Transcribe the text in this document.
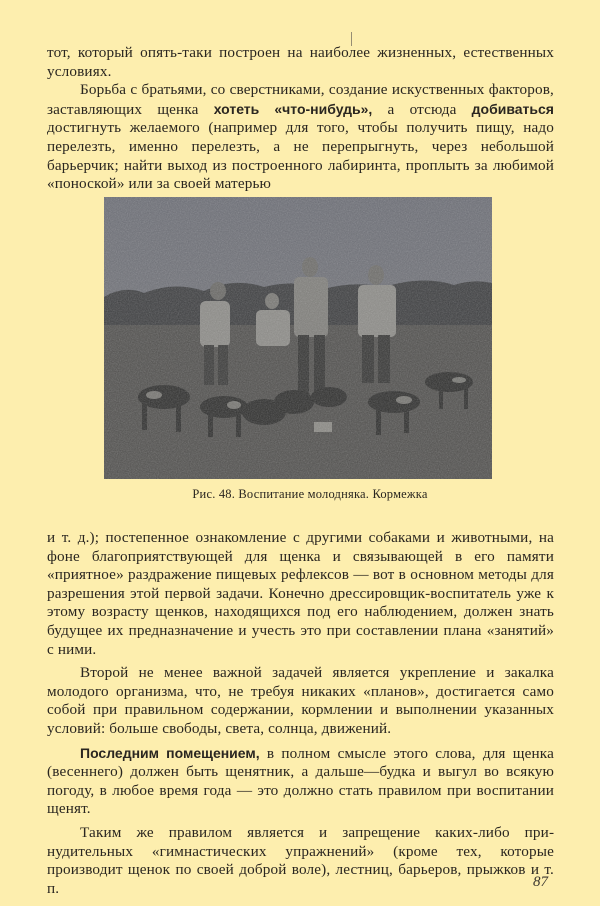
тот, который опять-таки построен на наиболее жизненных, естественных условиях.

Борьба с братьями, со сверстниками, создание искуственных факторов, заставляющих щенка хотеть «что-нибудь», а отсюда добиваться достигнуть желаемого (например для того, чтобы получить пищу, надо перелезть, именно перелезть, а не перепрыгнуть, через небольшой барьерчик; найти выход из построенного лабиринта, проплыть за любимой «поноской» или за своей матерью

Рис. 48. Воспитание молодняка. Кормежка

и т. д.); постепенное ознакомление с другими собаками и животными, на фоне благоприятствующей для щенка и связывающей в его памяти «приятное» раздражение пищевых рефлексов — вот в основном методы для разрешения этой первой задачи. Конечно дрессировщик-воспитатель уже к этому возрасту щенков, находящихся под его наблюдением, должен знать будущее их предназначение и учесть это при составлении плана «занятий» с ними.

Второй не менее важной задачей является укрепление и закалка молодого организма, что, не требуя никаких «планов», достигается само собой при правильном содержании, кормлении и выполнении указанных условий: больше свободы, света, солнца, движений.

Последним помещением, в полном смысле этого слова, для щенка (весеннего) должен быть щенятник, а дальше—будка и выгул во всякую погоду, в любое время года — это должно стать правилом при воспитании щенят.

Таким же правилом является и запрещение каких-либо принудительных «гимнастических упражнений» (кроме тех, которые производит щенок по своей доброй воле), лестниц, барьеров, прыжков и т. п.	87
